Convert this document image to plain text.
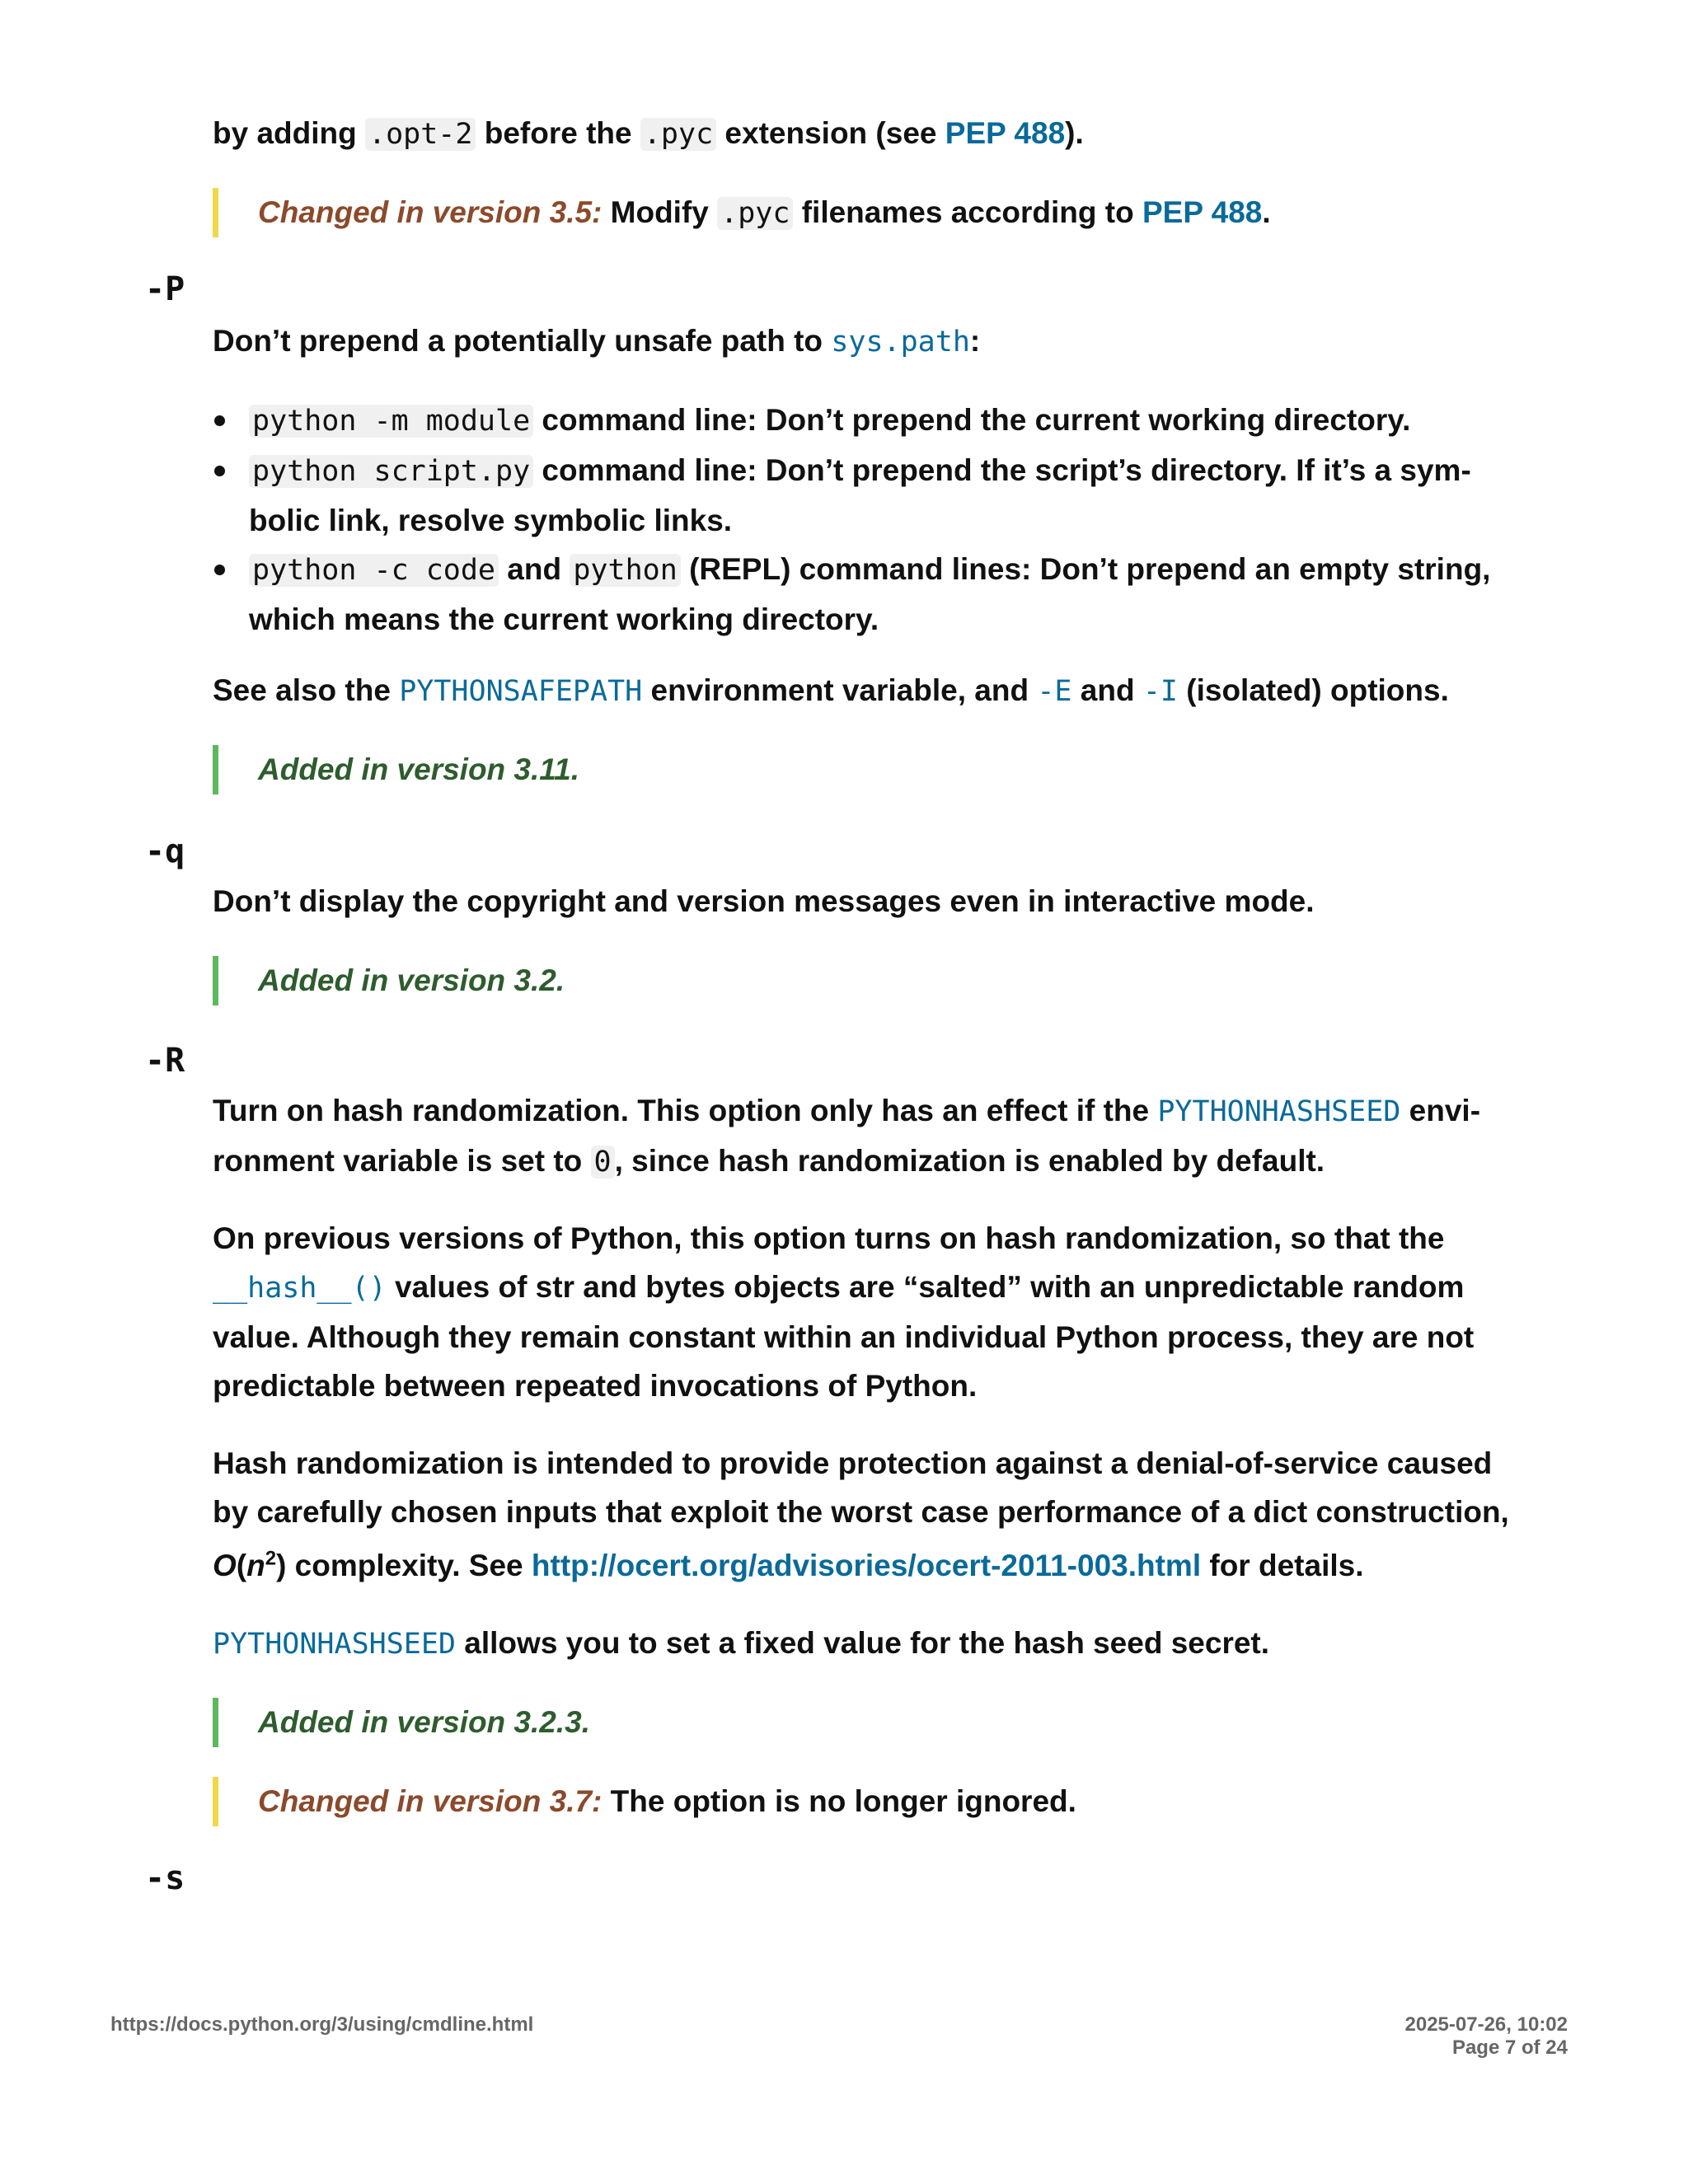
by adding .opt-2 before the .pyc extension (see PEP 488).
Changed in version 3.5: Modify .pyc filenames according to PEP 488.
-P
Don’t prepend a potentially unsafe path to sys.path:
python -m module command line: Don’t prepend the current working directory.
python script.py command line: Don’t prepend the script’s directory. If it’s a sym-
bolic link, resolve symbolic links.
python -c code and python (REPL) command lines: Don’t prepend an empty string,
which means the current working directory.
See also the PYTHONSAFEPATH environment variable, and -E and -I (isolated) options.
Added in version 3.11.
-q
Don’t display the copyright and version messages even in interactive mode.
Added in version 3.2.
-R
Turn on hash randomization. This option only has an effect if the PYTHONHASHSEED envi-
ronment variable is set to 0 , since hash randomization is enabled by default.
On previous versions of Python, this option turns on hash randomization, so that the
__hash__() values of str and bytes objects are “salted” with an unpredictable random
value. Although they remain constant within an individual Python process, they are not
predictable between repeated invocations of Python.
Hash randomization is intended to provide protection against a denial-of-service caused
by carefully chosen inputs that exploit the worst case performance of a dict construction,
$O(n^2)$ complexity. See http://ocert.org/advisories/ocert-2011-003.html for details.
PYTHONHASHSEED allows you to set a fixed value for the hash seed secret.
Added in version 3.2.3.
Changed in version 3.7: The option is no longer ignored.
-s
https://docs.python.org/3/using/cmdline.html	2025-07-26, 10:02
Page 7 of 24
